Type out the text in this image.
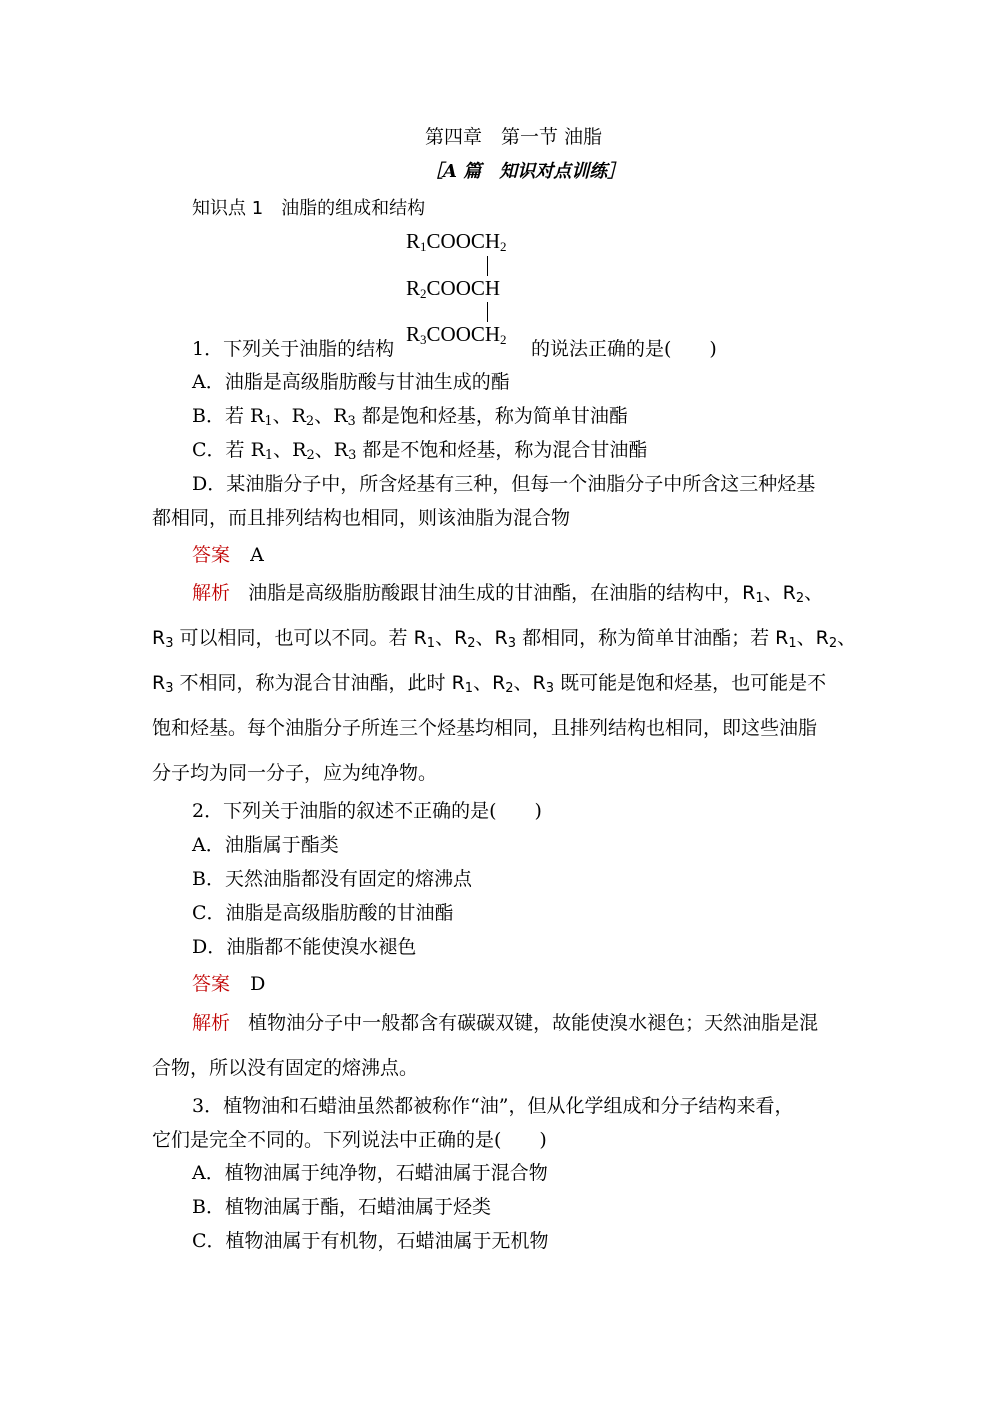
第四章　第一节 油脂
［A 篇　知识对点训练］
知识点 1　油脂的组成和结构
$R_1COOCH_2$
$R_2COOCH$
$R_3COOCH_2$
1．下列关于油脂的结构	的说法正确的是(　　)
A．油脂是高级脂肪酸与甘油生成的酯
B．若 $R_1$、$R_2$、$R_3$ 都是饱和烃基，称为简单甘油酯
C．若 $R_1$、$R_2$、$R_3$ 都是不饱和烃基，称为混合甘油酯
D．某油脂分子中，所含烃基有三种，但每一个油脂分子中所含这三种烃基
都相同，而且排列结构也相同，则该油脂为混合物
答案 A
解析 油脂是高级脂肪酸跟甘油生成的甘油酯，在油脂的结构中，$R_1$、$R_2$、
$R_3$ 可以相同，也可以不同。若 $R_1$、$R_2$、$R_3$ 都相同，称为简单甘油酯；若 $R_1$、$R_2$、
$R_3$ 不相同，称为混合甘油酯，此时 $R_1$、$R_2$、$R_3$ 既可能是饱和烃基，也可能是不
饱和烃基。每个油脂分子所连三个烃基均相同，且排列结构也相同，即这些油脂
分子均为同一分子，应为纯净物。
2．下列关于油脂的叙述不正确的是(　　)
A．油脂属于酯类
B．天然油脂都没有固定的熔沸点
C．油脂是高级脂肪酸的甘油酯
D．油脂都不能使溴水褪色
答案 D
解析 植物油分子中一般都含有碳碳双键，故能使溴水褪色；天然油脂是混
合物，所以没有固定的熔沸点。
3．植物油和石蜡油虽然都被称作“油”，但从化学组成和分子结构来看，
它们是完全不同的。下列说法中正确的是(　　)
A．植物油属于纯净物，石蜡油属于混合物
B．植物油属于酯，石蜡油属于烃类
C．植物油属于有机物，石蜡油属于无机物
